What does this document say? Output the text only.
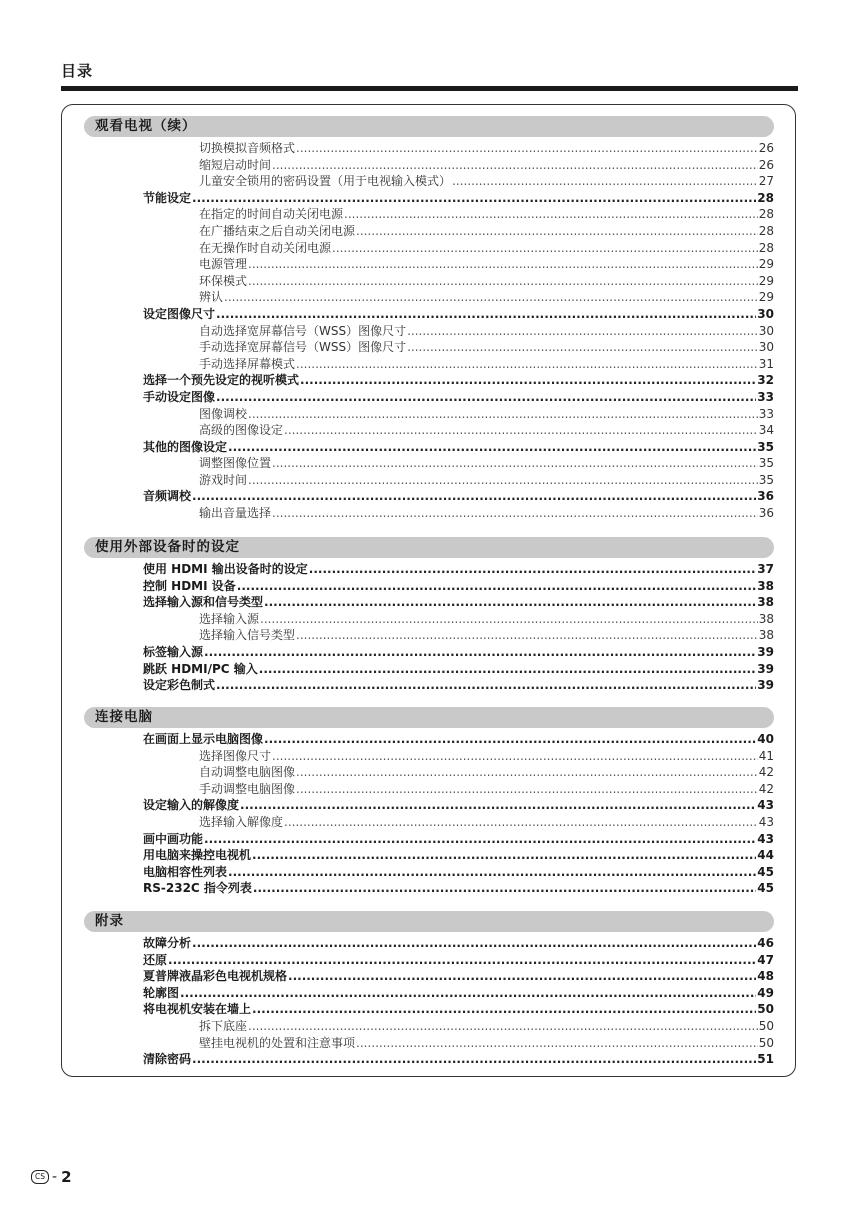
目录
观看电视（续）
切换模拟音频格式 .....	26
缩短启动时间 .....	26
儿童安全锁用的密码设置（用于电视输入模式） .....	27
节能设定 .....	28
在指定的时间自动关闭电源 .....	28
在广播结束之后自动关闭电源 .....	28
在无操作时自动关闭电源 .....	28
电源管理 .....	29
环保模式 .....	29
辨认 .....	29
设定图像尺寸 .....	30
自动选择宽屏幕信号（WSS）图像尺寸 .....	30
手动选择宽屏幕信号（WSS）图像尺寸 .....	30
手动选择屏幕模式 .....	31
选择一个预先设定的视听模式 .....	32
手动设定图像 .....	33
图像调校 .....	33
高级的图像设定 .....	34
其他的图像设定 .....	35
调整图像位置 .....	35
游戏时间 .....	35
音频调校 .....	36
输出音量选择 .....	36
使用外部设备时的设定
使用 HDMI 输出设备时的设定 .....	37
控制 HDMI 设备 .....	38
选择输入源和信号类型 .....	38
选择输入源 .....	38
选择输入信号类型 .....	38
标签输入源 .....	39
跳跃 HDMI/PC 输入 .....	39
设定彩色制式 .....	39
连接电脑
在画面上显示电脑图像 .....	40
选择图像尺寸 .....	41
自动调整电脑图像 .....	42
手动调整电脑图像 .....	42
设定输入的解像度 .....	43
选择输入解像度 .....	43
画中画功能 .....	43
用电脑来操控电视机 .....	44
电脑相容性列表 .....	45
RS-232C 指令列表 .....	45
附录
故障分析 .....	46
还原 .....	47
夏普牌液晶彩色电视机规格 .....	48
轮廓图 .....	49
将电视机安装在墙上 .....	50
拆下底座 .....	50
壁挂电视机的处置和注意事项 .....	50
清除密码 .....	51
CS - 2
